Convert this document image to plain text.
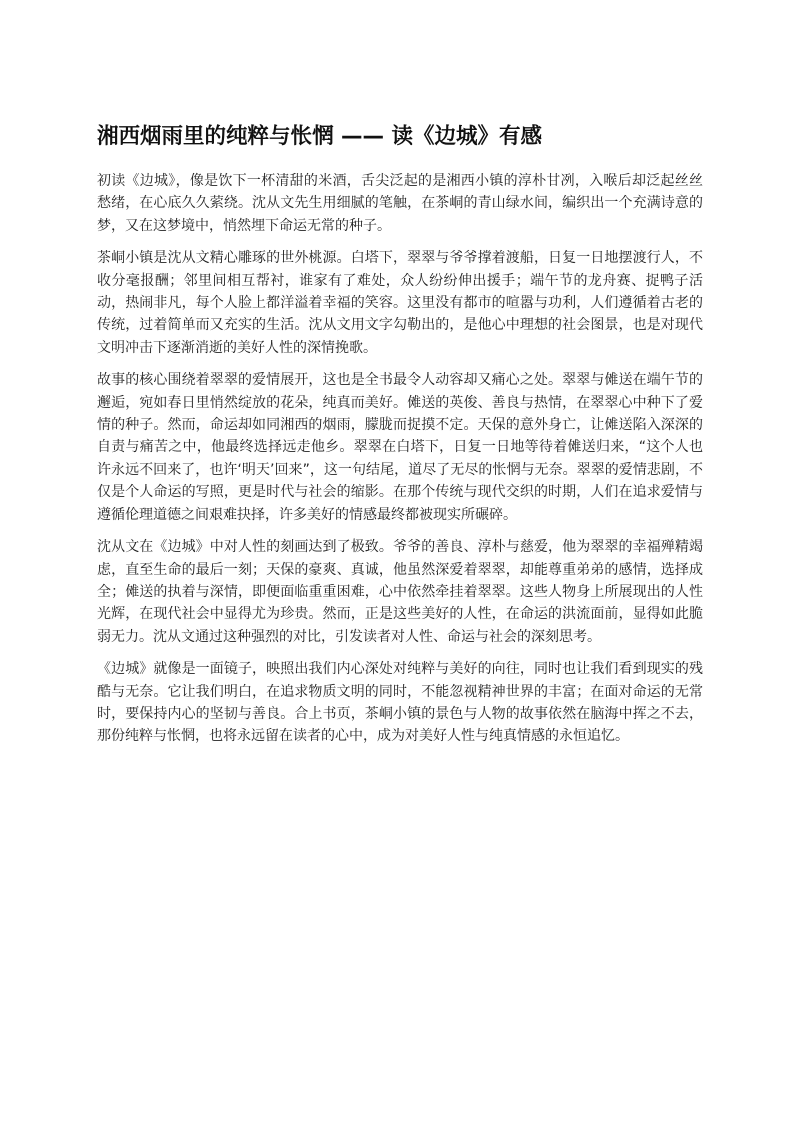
湘西烟雨里的纯粹与怅惘 —— 读《边城》有感

初读《边城》，像是饮下一杯清甜的米酒，舌尖泛起的是湘西小镇的淳朴甘冽，入喉后却泛起丝丝愁绪，在心底久久萦绕。沈从文先生用细腻的笔触，在茶峒的青山绿水间，编织出一个充满诗意的梦，又在这梦境中，悄然埋下命运无常的种子。

茶峒小镇是沈从文精心雕琢的世外桃源。白塔下，翠翠与爷爷撑着渡船，日复一日地摆渡行人，不收分毫报酬；邻里间相互帮衬，谁家有了难处，众人纷纷伸出援手；端午节的龙舟赛、捉鸭子活动，热闹非凡，每个人脸上都洋溢着幸福的笑容。这里没有都市的喧嚣与功利，人们遵循着古老的传统，过着简单而又充实的生活。沈从文用文字勾勒出的，是他心中理想的社会图景，也是对现代文明冲击下逐渐消逝的美好人性的深情挽歌。

故事的核心围绕着翠翠的爱情展开，这也是全书最令人动容却又痛心之处。翠翠与傩送在端午节的邂逅，宛如春日里悄然绽放的花朵，纯真而美好。傩送的英俊、善良与热情，在翠翠心中种下了爱情的种子。然而，命运却如同湘西的烟雨，朦胧而捉摸不定。天保的意外身亡，让傩送陷入深深的自责与痛苦之中，他最终选择远走他乡。翠翠在白塔下，日复一日地等待着傩送归来，“这个人也许永远不回来了，也许‘明天’回来”，这一句结尾，道尽了无尽的怅惘与无奈。翠翠的爱情悲剧，不仅是个人命运的写照，更是时代与社会的缩影。在那个传统与现代交织的时期，人们在追求爱情与遵循伦理道德之间艰难抉择，许多美好的情感最终都被现实所碾碎。

沈从文在《边城》中对人性的刻画达到了极致。爷爷的善良、淳朴与慈爱，他为翠翠的幸福殚精竭虑，直至生命的最后一刻；天保的豪爽、真诚，他虽然深爱着翠翠，却能尊重弟弟的感情，选择成全；傩送的执着与深情，即便面临重重困难，心中依然牵挂着翠翠。这些人物身上所展现出的人性光辉，在现代社会中显得尤为珍贵。然而，正是这些美好的人性，在命运的洪流面前，显得如此脆弱无力。沈从文通过这种强烈的对比，引发读者对人性、命运与社会的深刻思考。

《边城》就像是一面镜子，映照出我们内心深处对纯粹与美好的向往，同时也让我们看到现实的残酷与无奈。它让我们明白，在追求物质文明的同时，不能忽视精神世界的丰富；在面对命运的无常时，要保持内心的坚韧与善良。合上书页，茶峒小镇的景色与人物的故事依然在脑海中挥之不去，那份纯粹与怅惘，也将永远留在读者的心中，成为对美好人性与纯真情感的永恒追忆。
